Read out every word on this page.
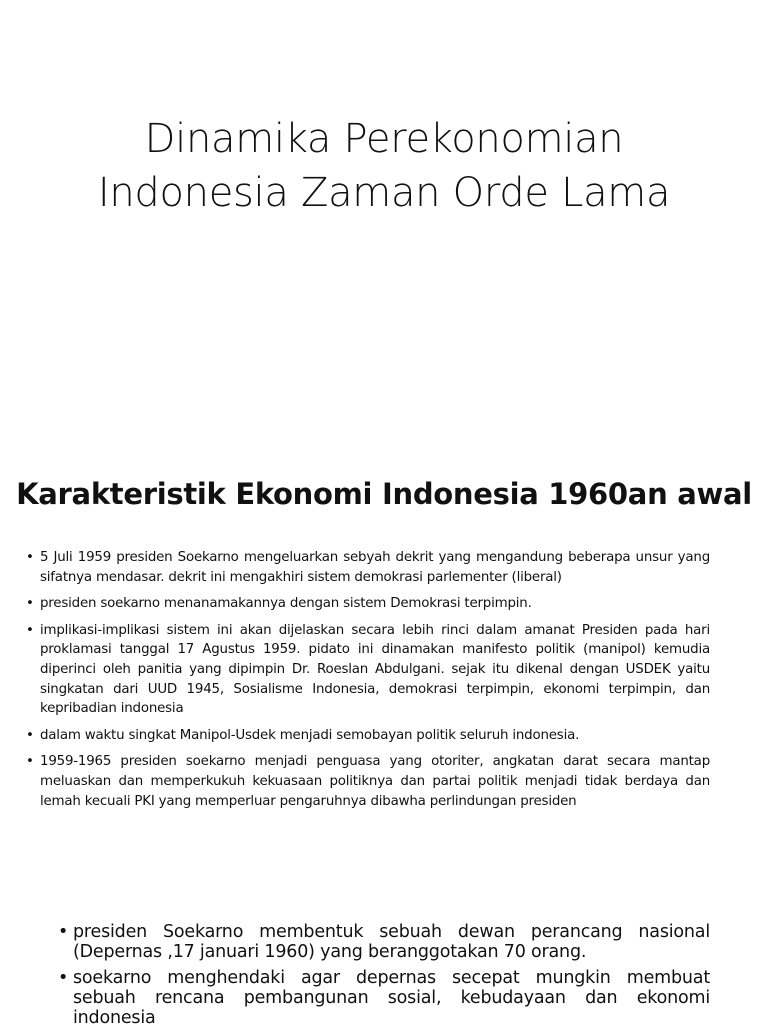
Dinamika Perekonomian
Indonesia Zaman Orde Lama
Karakteristik Ekonomi Indonesia 1960an awal
• 5 Juli 1959 presiden Soekarno mengeluarkan sebyah dekrit yang mengandung beberapa unsur yang sifatnya mendasar. dekrit ini mengakhiri sistem demokrasi parlementer (liberal)
• presiden soekarno menanamakannya dengan sistem Demokrasi terpimpin.
• implikasi-implikasi sistem ini akan dijelaskan secara lebih rinci dalam amanat Presiden pada hari proklamasi tanggal 17 Agustus 1959. pidato ini dinamakan manifesto politik (manipol) kemudia diperinci oleh panitia yang dipimpin Dr. Roeslan Abdulgani. sejak itu dikenal dengan USDEK yaitu singkatan dari UUD 1945, Sosialisme Indonesia, demokrasi terpimpin, ekonomi terpimpin, dan kepribadian indonesia
• dalam waktu singkat Manipol-Usdek menjadi semobayan politik seluruh indonesia.
• 1959-1965 presiden soekarno menjadi penguasa yang otoriter, angkatan darat secara mantap meluaskan dan memperkukuh kekuasaan politiknya dan partai politik menjadi tidak berdaya dan lemah kecuali PKI yang memperluar pengaruhnya dibawha perlindungan presiden
• presiden Soekarno membentuk sebuah dewan perancang nasional (Depernas ,17 januari 1960) yang beranggotakan 70 orang.
• soekarno menghendaki agar depernas secepat mungkin membuat sebuah rencana pembangunan sosial, kebudayaan dan ekonomi indonesia
